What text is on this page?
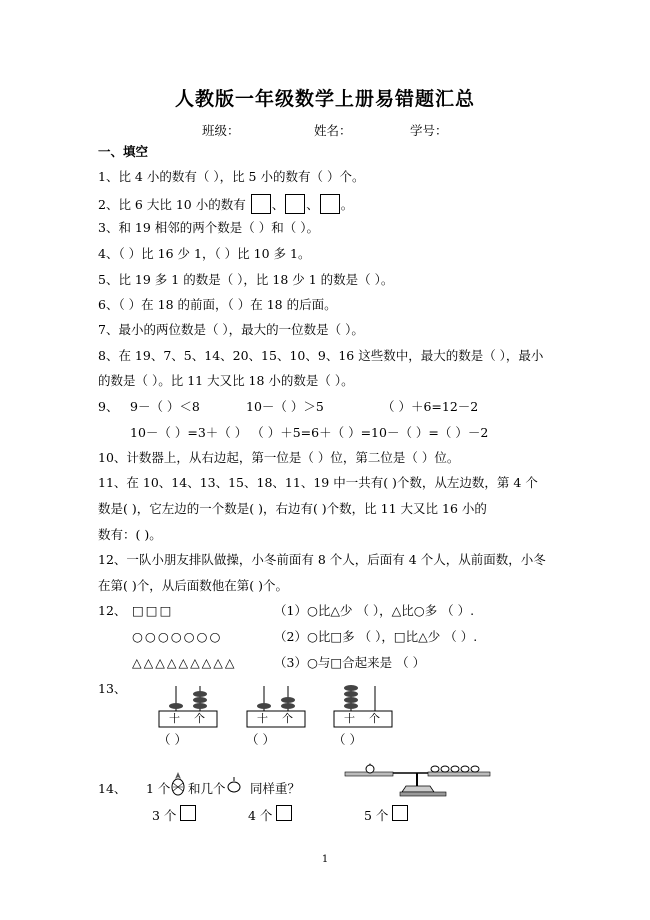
人教版一年级数学上册易错题汇总
班级：	姓名：	学号：
一、填空
1、比 4 小的数有（ ），比 5 小的数有（ ）个。
2、比 6 大比 10 小的数有 、 、 。
3、和 19 相邻的两个数是（ ）和（ ）。
4、（ ）比 16 少 1，（ ）比 10 多 1。
5、比 19 多 1 的数是（ ），比 18 少 1 的数是（ ）。
6、（ ）在 18 的前面，（ ）在 18 的后面。
7、最小的两位数是（ ），最大的一位数是（ ）。
8、在 19、7、5、14、20、15、10、9、16 这些数中，最大的数是（ ），最小
的数是（ ）。比 11 大又比 18 小的数是（ ）。
9、 9－（ ）＜8	10－（ ）＞5	（ ）＋6=12－2
10－（ ）=3＋（ ） （ ）＋5=6＋（ ）=10－（ ）=（ ）－2
10、计数器上，从右边起，第一位是（ ）位，第二位是（ ）位。
11、在 10、14、13、15、18、11、19 中一共有( )个数，从左边数，第 4 个
数是( )，它左边的一个数是( )，右边有( )个数，比 11 大又比 16 小的
数有：( )。
12、一队小朋友排队做操，小冬前面有 8 个人，后面有 4 个人，从前面数，小冬
在第( )个，从后面数他在第( )个。
12、 □□□	（1）○比△少 （ ），△比○多 （ ）.
○○○○○○○	（2）○比□多 （ ），□比△少 （ ）.
△△△△△△△△△	（3）○与□合起来是 （ ）
13、
十 个
（ ）
十 个
（ ）
十 个
（ ）
14、 1 个 和几个 同样重？
3 个	4 个	5 个
1
